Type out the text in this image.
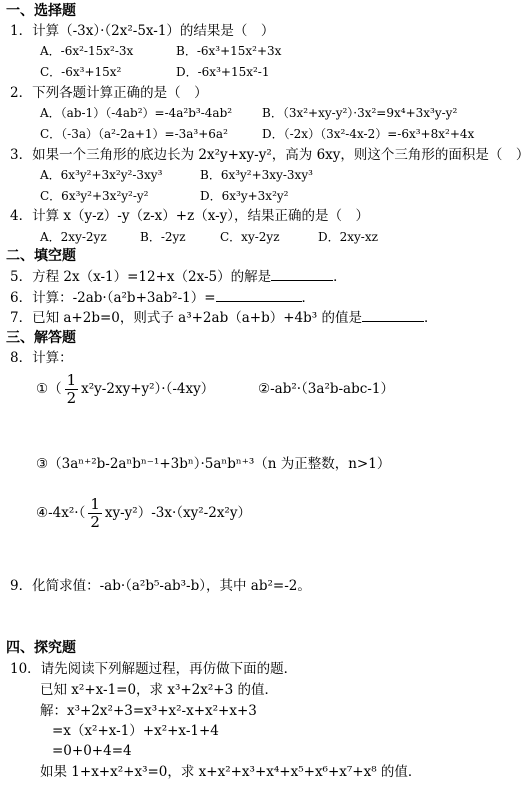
一、选择题
1．计算（-3x）·（2x²-5x-1）的结果是（　）
A．-6x²-15x²-3x	B．-6x³+15x²+3x
C．-6x³+15x²	D．-6x³+15x²-1
2．下列各题计算正确的是（　）
A．（ab-1）（-4ab²）=-4a²b³-4ab² B．（3x²+xy-y²）·3x²=9x⁴+3x³y-y²
C．（-3a）（a²-2a+1）=-3a³+6a²	D．（-2x）（3x²-4x-2）=-6x³+8x²+4x
3．如果一个三角形的底边长为 2x²y+xy-y²，高为 6xy，则这个三角形的面积是（　）
A．6x³y²+3x²y²-3xy³	B．6x³y²+3xy-3xy³
C．6x³y²+3x²y²-y²	D．6x³y+3x²y²
4．计算 x（y-z）-y（z-x）+z（x-y），结果正确的是（　）
A．2xy-2yz	B．-2yz	C．xy-2yz	D．2xy-xz
二、填空题
5．方程 2x（x-1）=12+x（2x-5）的解是	．
6．计算：-2ab·（a²b+3ab²-1）=	．
7．已知 a+2b=0，则式子 a³+2ab（a+b）+4b³ 的值是	．
三、解答题
8．计算：
①（ $\frac{1}{2} x^2y-2xy+y^2)\cdot(-4xy)$	②-ab²·（3a²b-abc-1）
③（3aⁿ⁺²b-2aⁿbⁿ⁻¹+3bⁿ）·5aⁿbⁿ⁺³（n 为正整数，n>1）
④-4x²·（ $\frac{1}{2} xy-y^2)-3x\cdot(xy^2-2x^2y)$
9．化简求值：-ab·（a²b⁵-ab³-b），其中 ab²=-2。
四、探究题
10．请先阅读下列解题过程，再仿做下面的题．
已知 x²+x-1=0，求 x³+2x²+3 的值．
解：x³+2x²+3=x³+x²-x+x²+x+3
=x（x²+x-1）+x²+x-1+4
=0+0+4=4
如果 1+x+x²+x³=0，求 x+x²+x³+x⁴+x⁵+x⁶+x⁷+x⁸ 的值．
